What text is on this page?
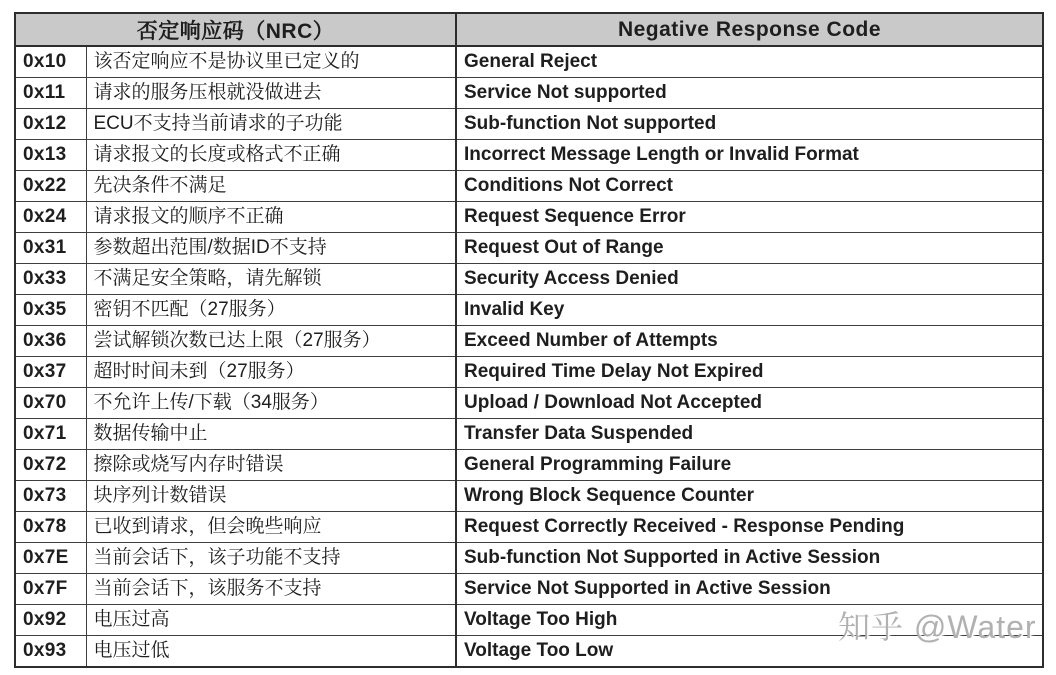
否定响应码（NRC）		Negative Response Code
0x10	该否定响应不是协议里已定义的	General Reject
0x11	请求的服务压根就没做进去	Service Not supported
0x12	ECU不支持当前请求的子功能	Sub-function Not supported
0x13	请求报文的长度或格式不正确	Incorrect Message Length or Invalid Format
0x22	先决条件不满足	Conditions Not Correct
0x24	请求报文的顺序不正确	Request Sequence Error
0x31	参数超出范围/数据ID不支持	Request Out of Range
0x33	不满足安全策略，请先解锁	Security Access Denied
0x35	密钥不匹配（27服务）	Invalid Key
0x36	尝试解锁次数已达上限（27服务）	Exceed Number of Attempts
0x37	超时时间未到（27服务）	Required Time Delay Not Expired
0x70	不允许上传/下载（34服务）	Upload / Download Not Accepted
0x71	数据传输中止	Transfer Data Suspended
0x72	擦除或烧写内存时错误	General Programming Failure
0x73	块序列计数错误	Wrong Block Sequence Counter
0x78	已收到请求，但会晚些响应	Request Correctly Received - Response Pending
0x7E	当前会话下，该子功能不支持	Sub-function Not Supported in Active Session
0x7F	当前会话下，该服务不支持	Service Not Supported in Active Session
0x92	电压过高	Voltage Too High
0x93	电压过低	Voltage Too Low
知乎 @Water
